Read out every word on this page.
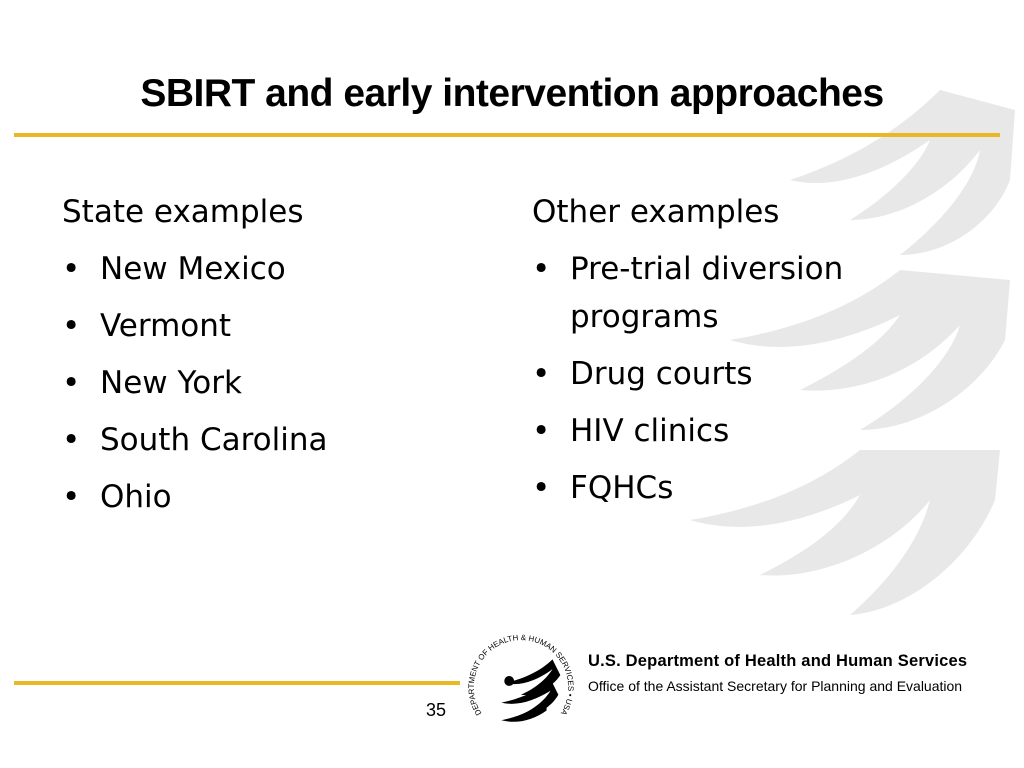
SBIRT and early intervention approaches
State examples
• New Mexico
• Vermont
• New York
• South Carolina
• Ohio
Other examples
• Pre-trial diversion programs
• Drug courts
• HIV clinics
• FQHCs
35	DEPARTMENT OF HEALTH & HUMAN SERVICES • USA
U.S. Department of Health and Human Services
Office of the Assistant Secretary for Planning and Evaluation
